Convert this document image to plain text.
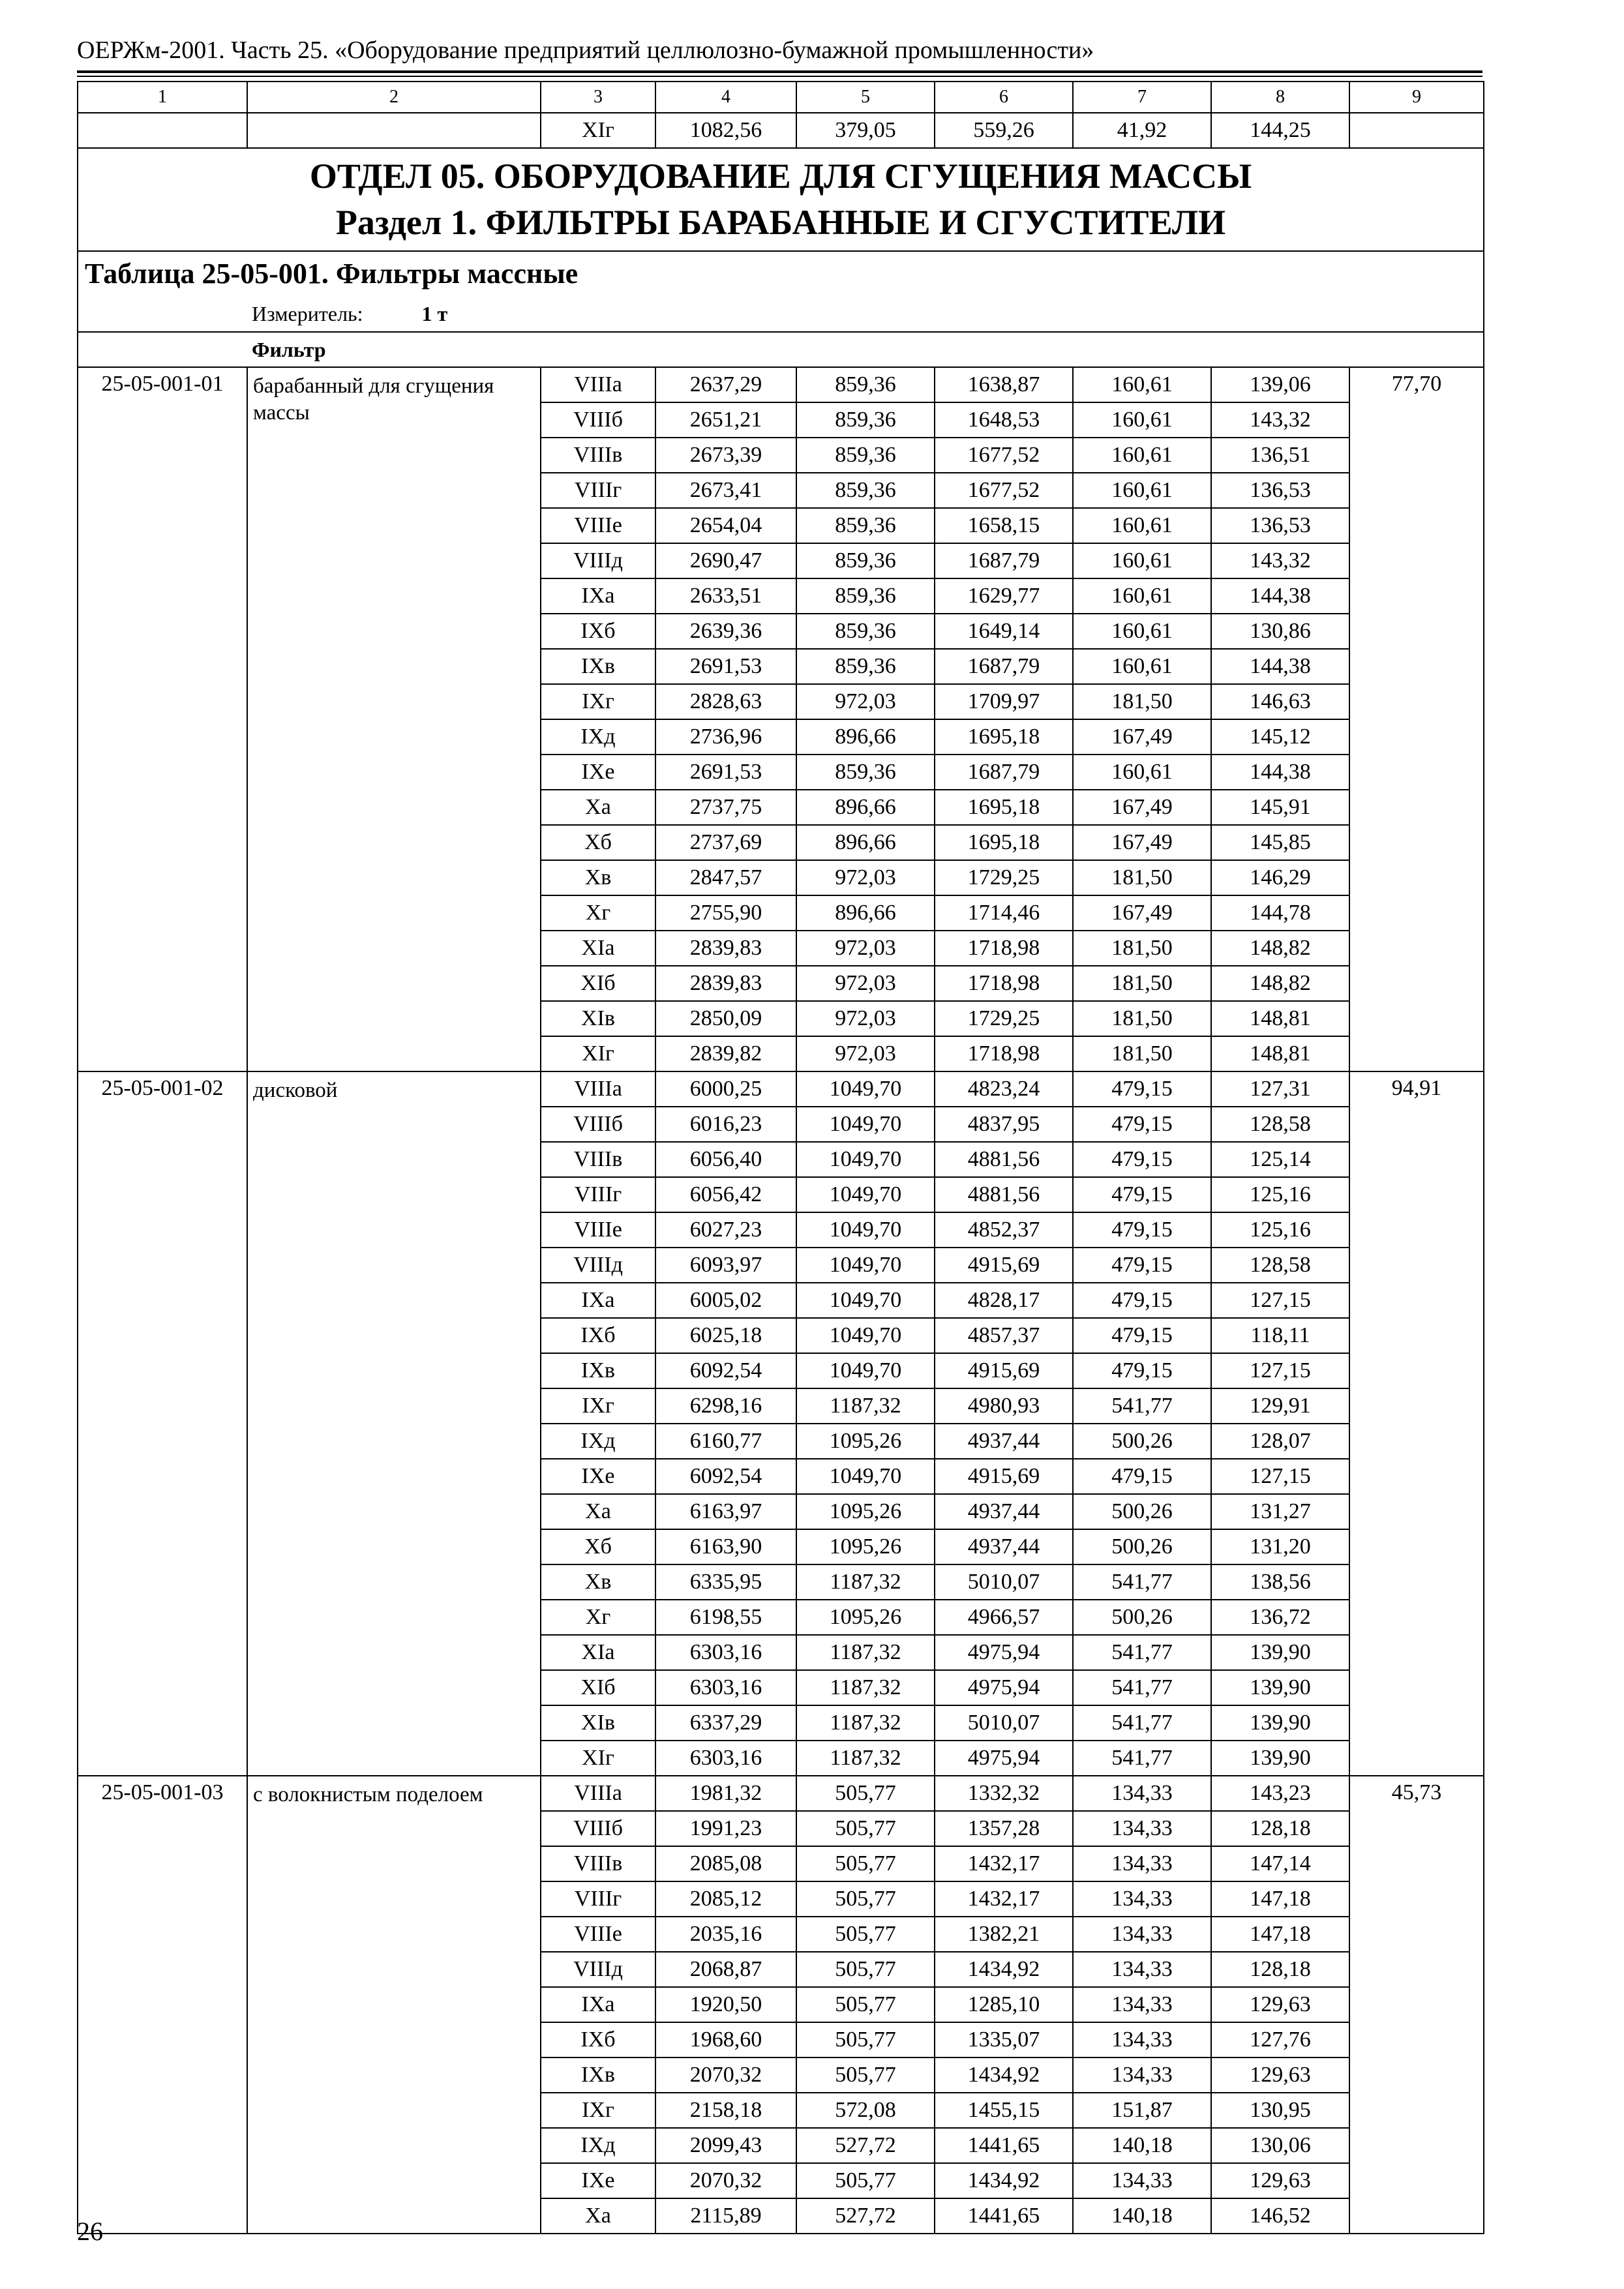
ОЕРЖм-2001. Часть 25. «Оборудование предприятий целлюлозно-бумажной промышленности»
1	2	3	4	5	6	7	8	9
		XIг	1082,56	379,05	559,26	41,92	144,25	

ОТДЕЛ 05. ОБОРУДОВАНИЕ ДЛЯ СГУЩЕНИЯ МАССЫ
Раздел 1. ФИЛЬТРЫ БАРАБАННЫЕ И СГУСТИТЕЛИ								

Таблица 25-05-001. Фильтры массные								
Измеритель: 1 т								
Фильтр								
25-05-001-01	барабанный для сгущения массы	VIIIа	2637,29	859,36	1638,87	160,61	139,06	77,70
		VIIIб	2651,21	859,36	1648,53	160,61	143,32	
		VIIIв	2673,39	859,36	1677,52	160,61	136,51	
		VIIIг	2673,41	859,36	1677,52	160,61	136,53	
		VIIIе	2654,04	859,36	1658,15	160,61	136,53	
		VIIIд	2690,47	859,36	1687,79	160,61	143,32	
		IXа	2633,51	859,36	1629,77	160,61	144,38	
		IXб	2639,36	859,36	1649,14	160,61	130,86	
		IXв	2691,53	859,36	1687,79	160,61	144,38	
		IXг	2828,63	972,03	1709,97	181,50	146,63	
		IXд	2736,96	896,66	1695,18	167,49	145,12	
		IXе	2691,53	859,36	1687,79	160,61	144,38	
		Xа	2737,75	896,66	1695,18	167,49	145,91	
		Xб	2737,69	896,66	1695,18	167,49	145,85	
		Xв	2847,57	972,03	1729,25	181,50	146,29	
		Xг	2755,90	896,66	1714,46	167,49	144,78	
		XIа	2839,83	972,03	1718,98	181,50	148,82	
		XIб	2839,83	972,03	1718,98	181,50	148,82	
		XIв	2850,09	972,03	1729,25	181,50	148,81	
		XIг	2839,82	972,03	1718,98	181,50	148,81	
25-05-001-02	дисковой	VIIIа	6000,25	1049,70	4823,24	479,15	127,31	94,91
		VIIIб	6016,23	1049,70	4837,95	479,15	128,58	
		VIIIв	6056,40	1049,70	4881,56	479,15	125,14	
		VIIIг	6056,42	1049,70	4881,56	479,15	125,16	
		VIIIе	6027,23	1049,70	4852,37	479,15	125,16	
		VIIIд	6093,97	1049,70	4915,69	479,15	128,58	
		IXа	6005,02	1049,70	4828,17	479,15	127,15	
		IXб	6025,18	1049,70	4857,37	479,15	118,11	
		IXв	6092,54	1049,70	4915,69	479,15	127,15	
		IXг	6298,16	1187,32	4980,93	541,77	129,91	
		IXд	6160,77	1095,26	4937,44	500,26	128,07	
		IXе	6092,54	1049,70	4915,69	479,15	127,15	
		Xа	6163,97	1095,26	4937,44	500,26	131,27	
		Xб	6163,90	1095,26	4937,44	500,26	131,20	
		Xв	6335,95	1187,32	5010,07	541,77	138,56	
		Xг	6198,55	1095,26	4966,57	500,26	136,72	
		XIа	6303,16	1187,32	4975,94	541,77	139,90	
		XIб	6303,16	1187,32	4975,94	541,77	139,90	
		XIв	6337,29	1187,32	5010,07	541,77	139,90	
		XIг	6303,16	1187,32	4975,94	541,77	139,90	
25-05-001-03	с волокнистым поделоем	VIIIа	1981,32	505,77	1332,32	134,33	143,23	45,73
		VIIIб	1991,23	505,77	1357,28	134,33	128,18	
		VIIIв	2085,08	505,77	1432,17	134,33	147,14	
		VIIIг	2085,12	505,77	1432,17	134,33	147,18	
		VIIIе	2035,16	505,77	1382,21	134,33	147,18	
		VIIIд	2068,87	505,77	1434,92	134,33	128,18	
		IXа	1920,50	505,77	1285,10	134,33	129,63	
		IXб	1968,60	505,77	1335,07	134,33	127,76	
		IXв	2070,32	505,77	1434,92	134,33	129,63	
		IXг	2158,18	572,08	1455,15	151,87	130,95	
		IXд	2099,43	527,72	1441,65	140,18	130,06	
		IXе	2070,32	505,77	1434,92	134,33	129,63	
		Xа	2115,89	527,72	1441,65	140,18	146,52	
26
